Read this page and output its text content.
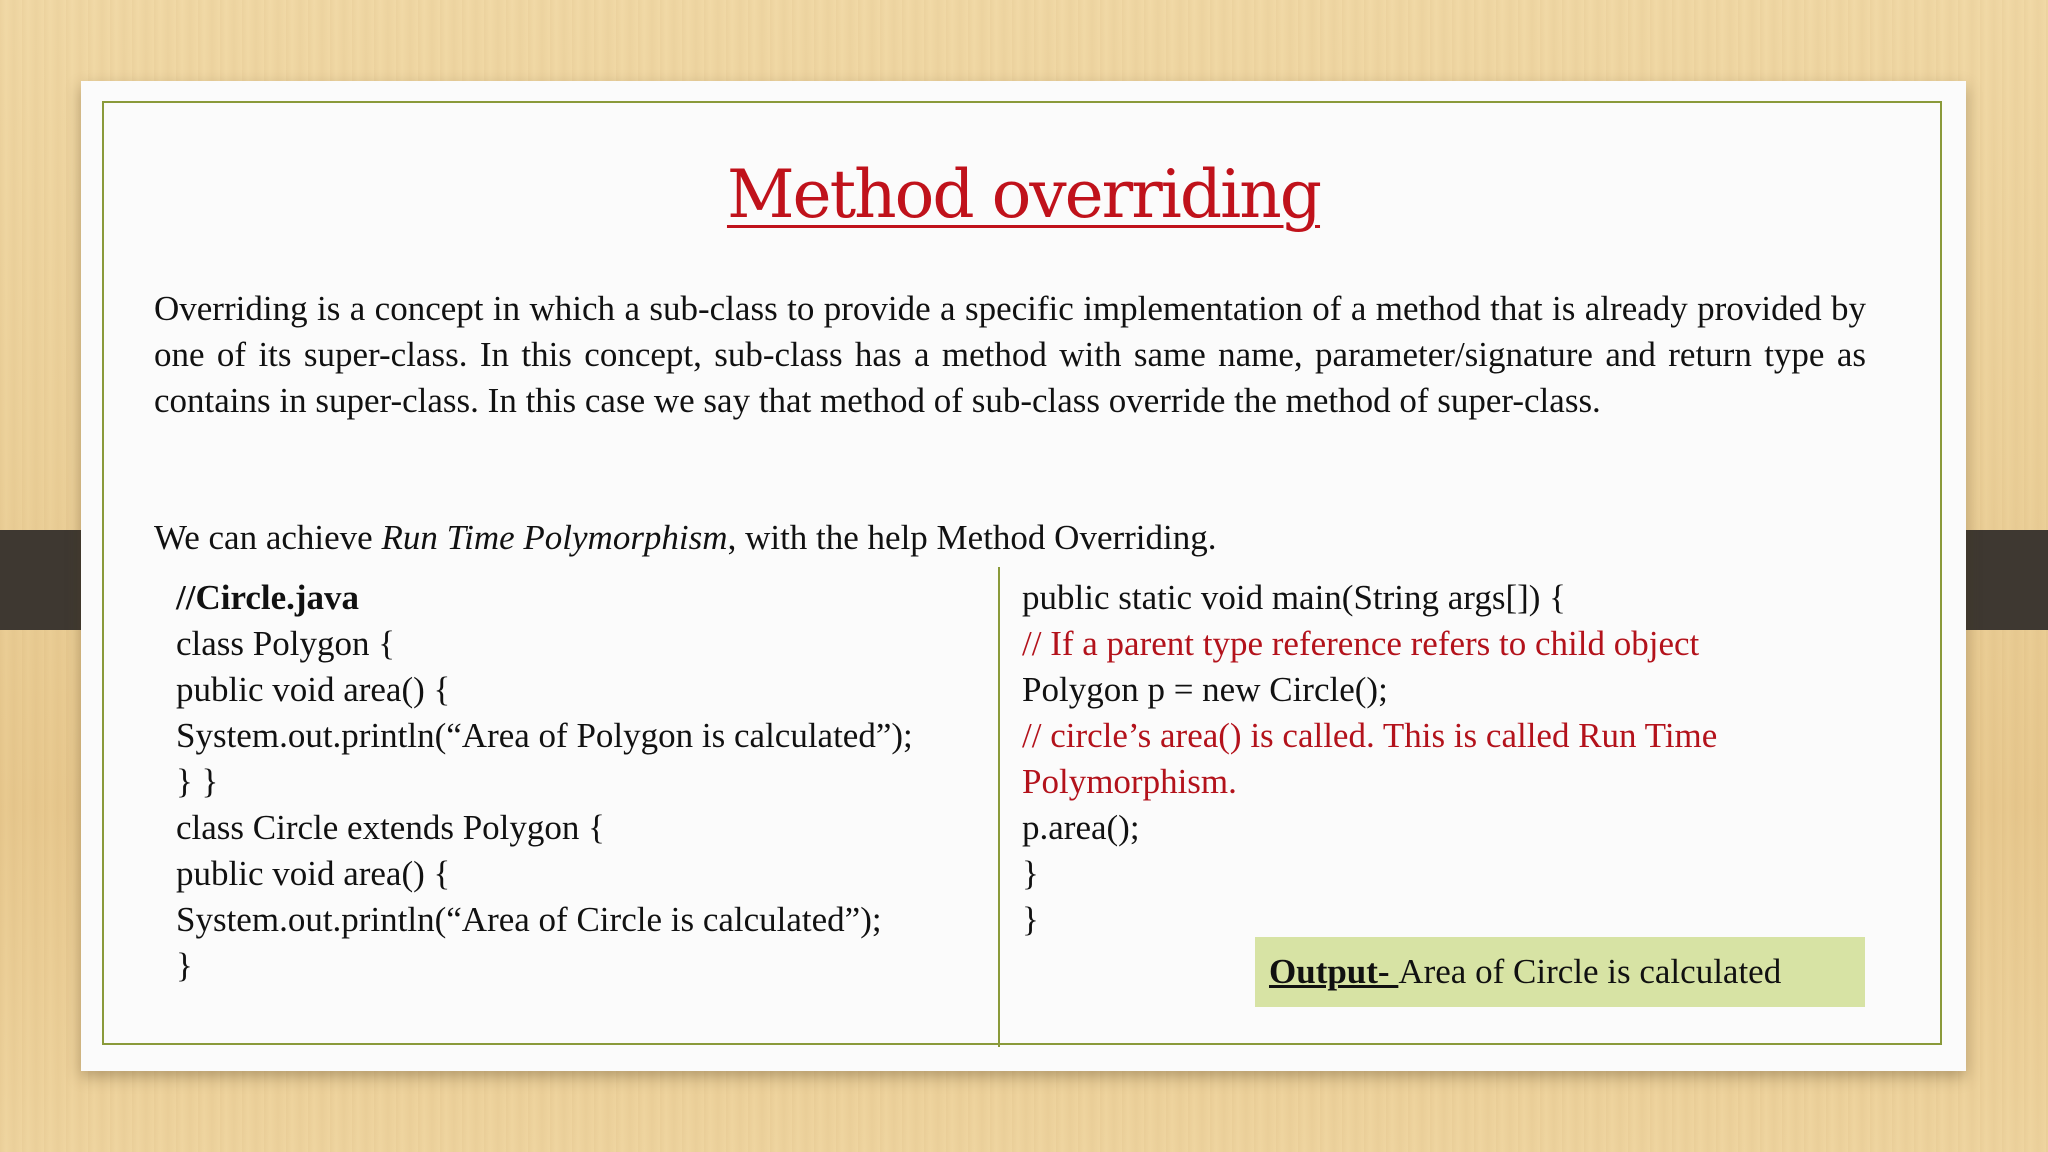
Method overriding

Overriding is a concept in which a sub-class to provide a specific implementation of a method that is already provided by one of its super-class. In this concept, sub-class has a method with same name, parameter/signature and return type as contains in super-class. In this case we say that method of sub-class override the method of super-class.

We can achieve Run Time Polymorphism, with the help Method Overriding.

//Circle.java
class Polygon {
public void area() {
System.out.println(“Area of Polygon is calculated”);
} }
class Circle extends Polygon {
public void area() {
System.out.println(“Area of Circle is calculated”);
}
public static void main(String args[]) {
// If a parent type reference refers to child object
Polygon p = new Circle();
// circle’s area() is called. This is called Run Time
Polymorphism.
p.area();
}
}
Output- Area of Circle is calculated
